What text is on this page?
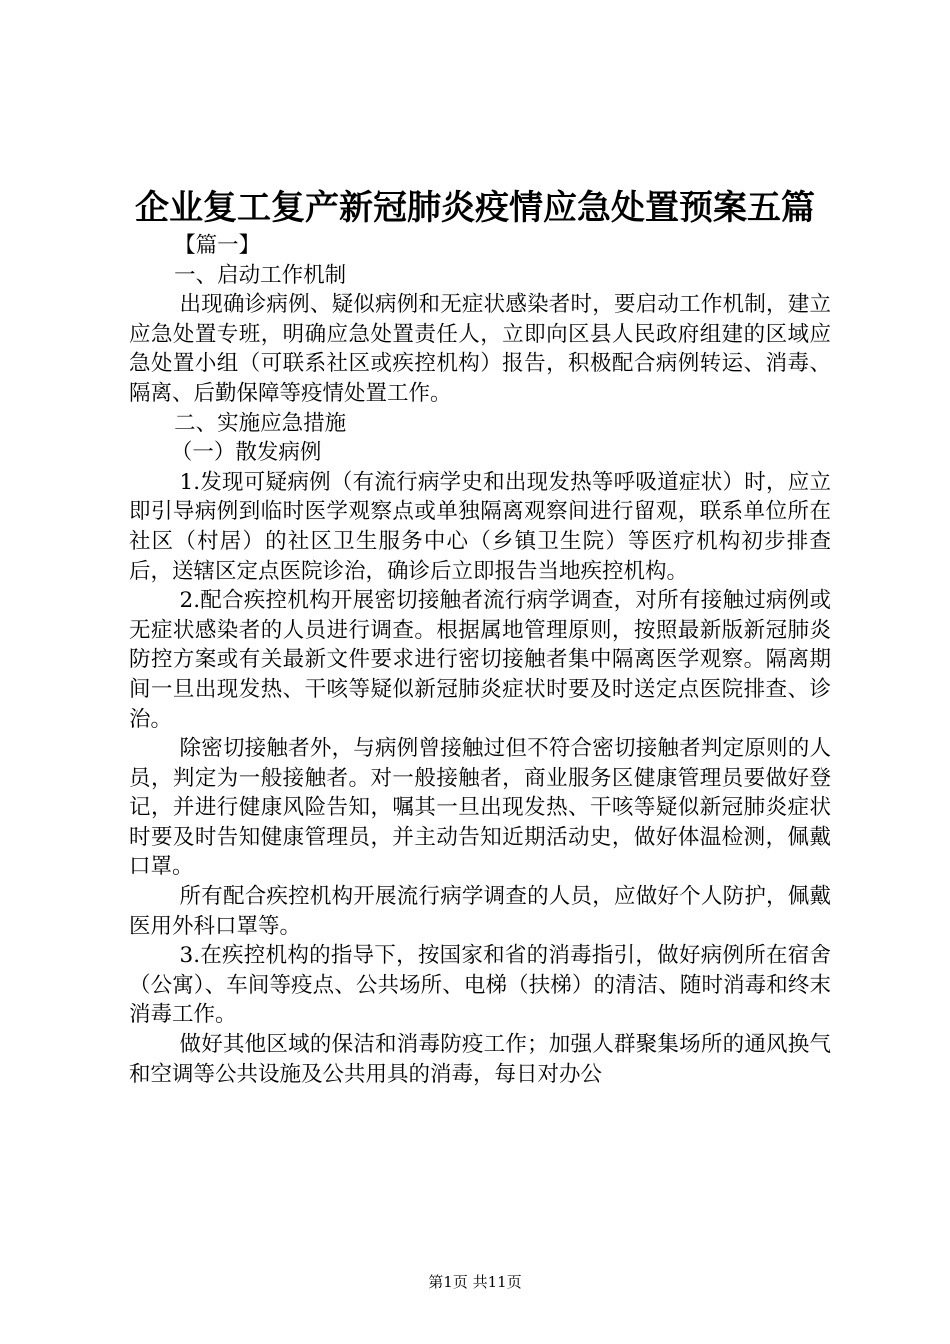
企业复工复产新冠肺炎疫情应急处置预案五篇

【篇一】

一、启动工作机制

出现确诊病例、疑似病例和无症状感染者时，要启动工作机制，建立应急处置专班，明确应急处置责任人，立即向区县人民政府组建的区域应急处置小组（可联系社区或疾控机构）报告，积极配合病例转运、消毒、隔离、后勤保障等疫情处置工作。

二、实施应急措施

（一）散发病例

1.发现可疑病例（有流行病学史和出现发热等呼吸道症状）时，应立即引导病例到临时医学观察点或单独隔离观察间进行留观，联系单位所在社区（村居）的社区卫生服务中心（乡镇卫生院）等医疗机构初步排查后，送辖区定点医院诊治，确诊后立即报告当地疾控机构。

2.配合疾控机构开展密切接触者流行病学调查，对所有接触过病例或无症状感染者的人员进行调查。根据属地管理原则，按照最新版新冠肺炎防控方案或有关最新文件要求进行密切接触者集中隔离医学观察。隔离期间一旦出现发热、干咳等疑似新冠肺炎症状时要及时送定点医院排查、诊治。

除密切接触者外，与病例曾接触过但不符合密切接触者判定原则的人员，判定为一般接触者。对一般接触者，商业服务区健康管理员要做好登记，并进行健康风险告知，嘱其一旦出现发热、干咳等疑似新冠肺炎症状时要及时告知健康管理员，并主动告知近期活动史，做好体温检测，佩戴口罩。

所有配合疾控机构开展流行病学调查的人员，应做好个人防护，佩戴医用外科口罩等。

3.在疾控机构的指导下，按国家和省的消毒指引，做好病例所在宿舍（公寓）、车间等疫点、公共场所、电梯（扶梯）的清洁、随时消毒和终末消毒工作。

做好其他区域的保洁和消毒防疫工作；加强人群聚集场所的通风换气和空调等公共设施及公共用具的消毒，每日对办公

第1页 共11页
